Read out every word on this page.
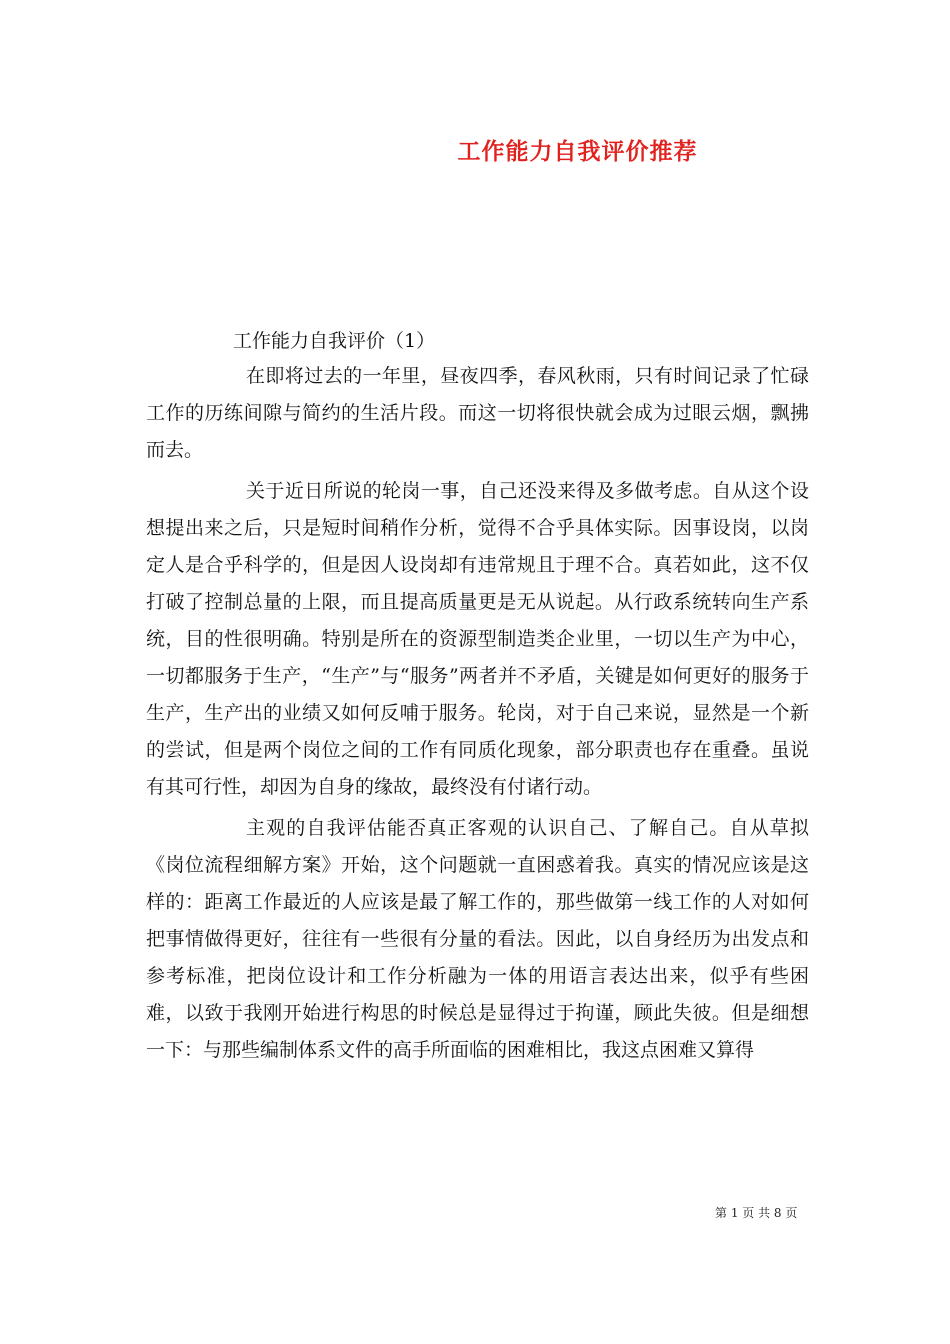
工作能力自我评价推荐
工作能力自我评价（1）

在即将过去的一年里，昼夜四季，春风秋雨，只有时间记录了忙碌工作的历练间隙与简约的生活片段。而这一切将很快就会成为过眼云烟，飘拂而去。

关于近日所说的轮岗一事，自己还没来得及多做考虑。自从这个设想提出来之后，只是短时间稍作分析，觉得不合乎具体实际。因事设岗，以岗定人是合乎科学的，但是因人设岗却有违常规且于理不合。真若如此，这不仅打破了控制总量的上限，而且提高质量更是无从说起。从行政系统转向生产系统，目的性很明确。特别是所在的资源型制造类企业里，一切以生产为中心，一切都服务于生产，“生产”与“服务”两者并不矛盾，关键是如何更好的服务于生产，生产出的业绩又如何反哺于服务。轮岗，对于自己来说，显然是一个新的尝试，但是两个岗位之间的工作有同质化现象，部分职责也存在重叠。虽说有其可行性，却因为自身的缘故，最终没有付诸行动。

主观的自我评估能否真正客观的认识自己、了解自己。自从草拟《岗位流程细解方案》开始，这个问题就一直困惑着我。真实的情况应该是这样的：距离工作最近的人应该是最了解工作的，那些做第一线工作的人对如何把事情做得更好，往往有一些很有分量的看法。因此，以自身经历为出发点和参考标准，把岗位设计和工作分析融为一体的用语言表达出来，似乎有些困难，以致于我刚开始进行构思的时候总是显得过于拘谨，顾此失彼。但是细想一下：与那些编制体系文件的高手所面临的困难相比，我这点困难又算得

第 1 页 共 8 页
